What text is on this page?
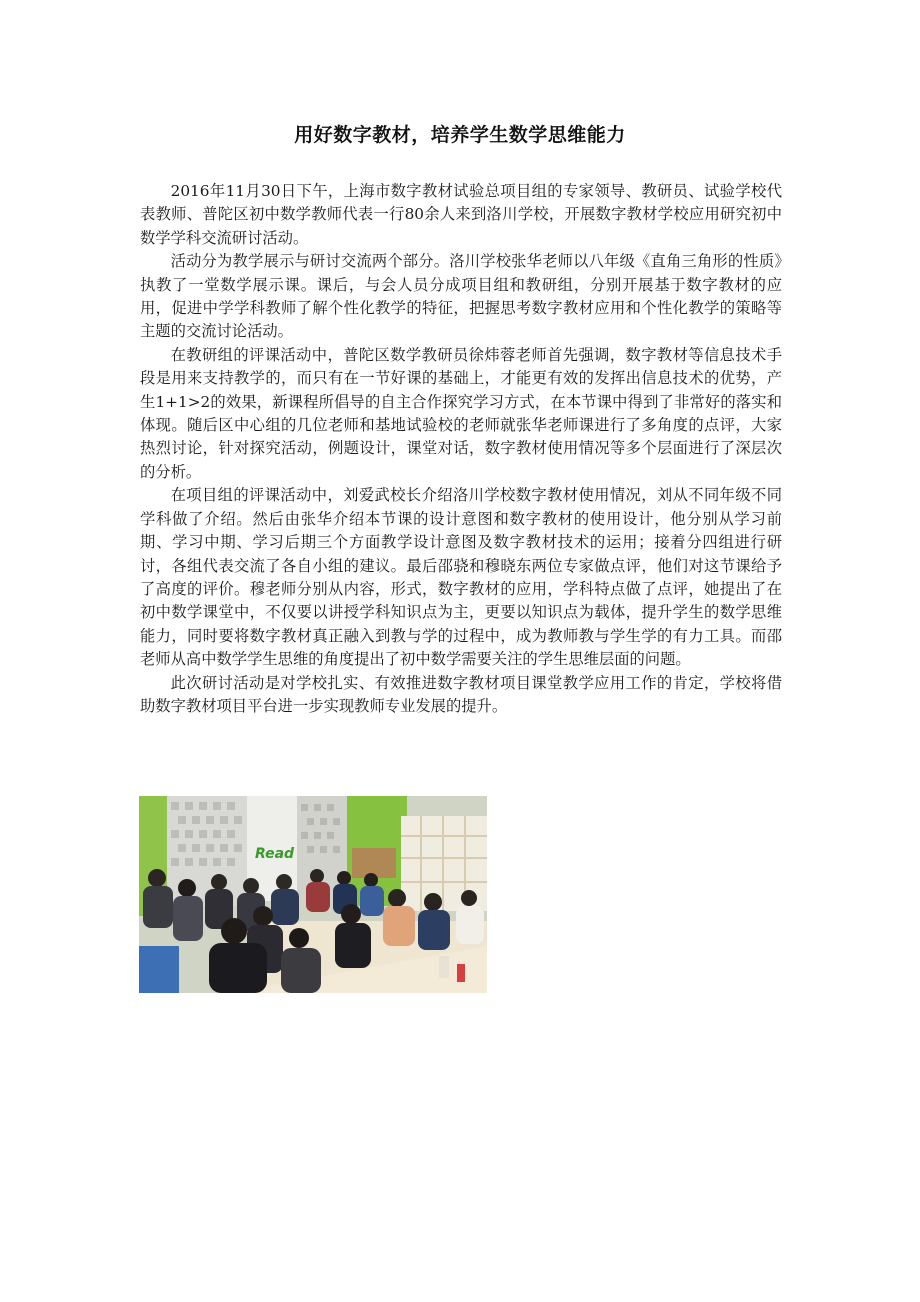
用好数字教材，培养学生数学思维能力

2016年11月30日下午，上海市数字教材试验总项目组的专家领导、教研员、试验学校代表教师、普陀区初中数学教师代表一行80余人来到洛川学校，开展数字教材学校应用研究初中数学学科交流研讨活动。

活动分为教学展示与研讨交流两个部分。洛川学校张华老师以八年级《直角三角形的性质》执教了一堂数学展示课。课后，与会人员分成项目组和教研组，分别开展基于数字教材的应用，促进中学学科教师了解个性化教学的特征，把握思考数字教材应用和个性化教学的策略等主题的交流讨论活动。

在教研组的评课活动中，普陀区数学教研员徐炜蓉老师首先强调，数字教材等信息技术手段是用来支持教学的，而只有在一节好课的基础上，才能更有效的发挥出信息技术的优势，产生1+1>2的效果，新课程所倡导的自主合作探究学习方式，在本节课中得到了非常好的落实和体现。随后区中心组的几位老师和基地试验校的老师就张华老师课进行了多角度的点评，大家热烈讨论，针对探究活动，例题设计，课堂对话，数字教材使用情况等多个层面进行了深层次的分析。

在项目组的评课活动中，刘爱武校长介绍洛川学校数字教材使用情况，刘从不同年级不同学科做了介绍。然后由张华介绍本节课的设计意图和数字教材的使用设计，他分别从学习前期、学习中期、学习后期三个方面教学设计意图及数字教材技术的运用；接着分四组进行研讨，各组代表交流了各自小组的建议。最后邵骁和穆晓东两位专家做点评，他们对这节课给予了高度的评价。穆老师分别从内容，形式，数字教材的应用，学科特点做了点评，她提出了在初中数学课堂中，不仅要以讲授学科知识点为主，更要以知识点为载体，提升学生的数学思维能力，同时要将数字教材真正融入到教与学的过程中，成为教师教与学生学的有力工具。而邵老师从高中数学学生思维的角度提出了初中数学需要关注的学生思维层面的问题。

此次研讨活动是对学校扎实、有效推进数字教材项目课堂教学应用工作的肯定，学校将借助数字教材项目平台进一步实现教师专业发展的提升。

Read
